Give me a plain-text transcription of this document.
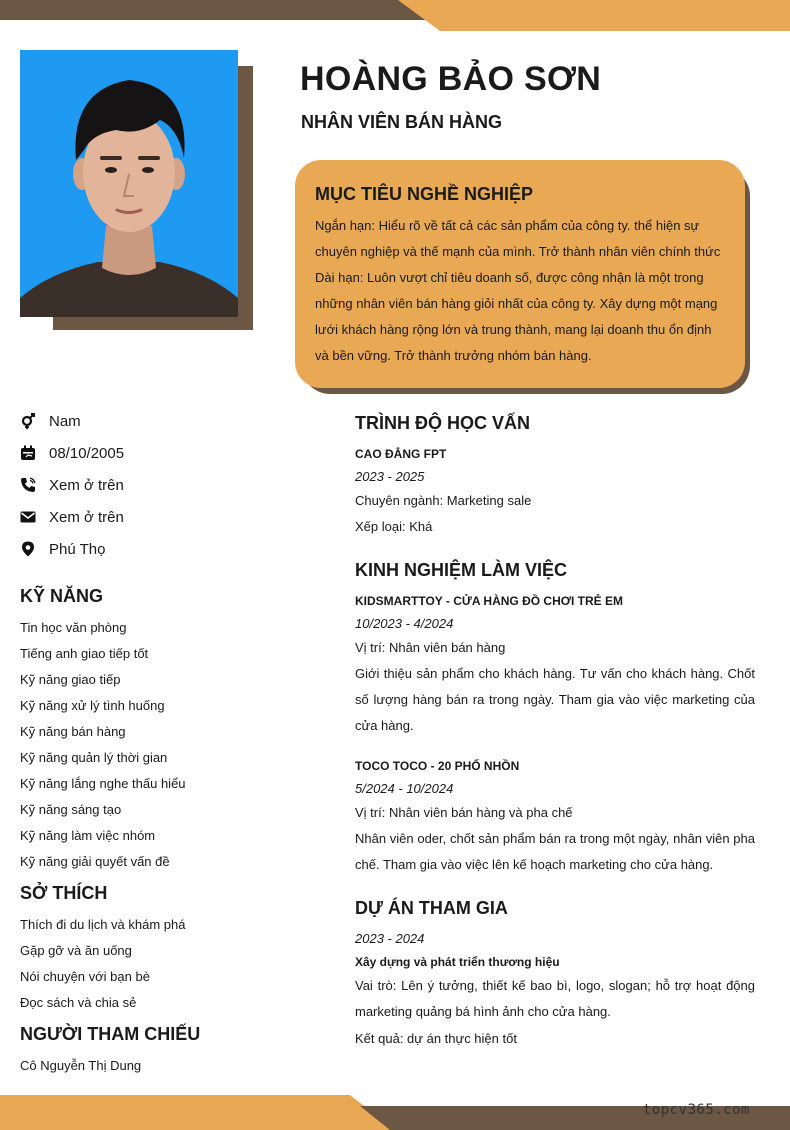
topcv365.com
HOÀNG BẢO SƠN
NHÂN VIÊN BÁN HÀNG
MỤC TIÊU NGHỀ NGHIỆP

Ngắn hạn: Hiểu rõ về tất cả các sản phẩm của công ty. thể hiện sự chuyên nghiệp và thế mạnh của mình. Trở thành nhân viên chính thức Dài hạn: Luôn vượt chỉ tiêu doanh số, được công nhận là một trong những nhân viên bán hàng giỏi nhất của công ty. Xây dựng một mạng lưới khách hàng rộng lớn và trung thành, mang lại doanh thu ổn định và bền vững. Trở thành trưởng nhóm bán hàng.

Nam
08/10/2005
Xem ở trên
Xem ở trên
Phú Thọ
KỸ NĂNG
Tin học văn phòng
Tiếng anh giao tiếp tốt
Kỹ năng giao tiếp
Kỹ năng xử lý tình huống
Kỹ năng bán hàng
Kỹ năng quản lý thời gian
Kỹ năng lắng nghe thấu hiểu
Kỹ năng sáng tạo
Kỹ năng làm việc nhóm
Kỹ năng giải quyết vấn đề
SỞ THÍCH
Thích đi du lịch và khám phá
Gặp gỡ và ăn uống
Nói chuyện với bạn bè
Đọc sách và chia sẻ
NGƯỜI THAM CHIẾU
Cô Nguyễn Thị Dung
TRÌNH ĐỘ HỌC VẤN
CAO ĐẲNG FPT
2023 - 2025
Chuyên ngành: Marketing sale
Xếp loại: Khá
KINH NGHIỆM LÀM VIỆC
KIDSMARTTOY - CỬA HÀNG ĐỒ CHƠI TRẺ EM
10/2023 - 4/2024
Vị trí: Nhân viên bán hàng
Giới thiệu sản phẩm cho khách hàng. Tư vấn cho khách hàng. Chốt số lượng hàng bán ra trong ngày. Tham gia vào việc marketing của cửa hàng.
TOCO TOCO - 20 PHỐ NHỒN
5/2024 - 10/2024
Vị trí: Nhân viên bán hàng và pha chế
Nhân viên oder, chốt sản phẩm bán ra trong một ngày, nhân viên pha chế. Tham gia vào việc lên kế hoạch marketing cho cửa hàng.
DỰ ÁN THAM GIA
2023 - 2024
Xây dựng và phát triển thương hiệu
Vai trò: Lên ý tưởng, thiết kế bao bì, logo, slogan; hỗ trợ hoạt động marketing quảng bá hình ảnh cho cửa hàng.
Kết quả: dự án thực hiện tốt
